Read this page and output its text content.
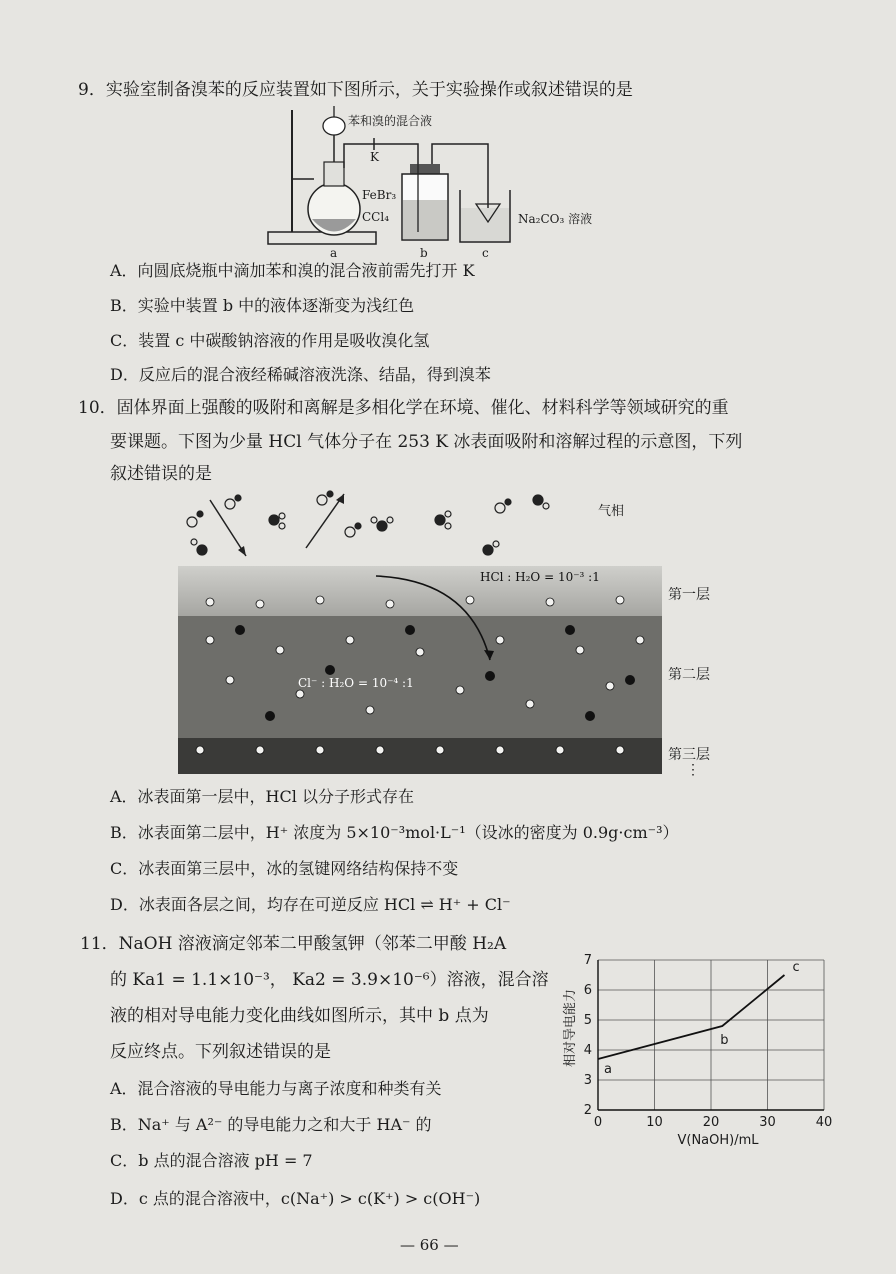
9．实验室制备溴苯的反应装置如下图所示，关于实验操作或叙述错误的是
苯和溴的混合液
K
FeBr₃
CCl₄	Na₂CO₃ 溶液
a	b	c
A．向圆底烧瓶中滴加苯和溴的混合液前需先打开 K
B．实验中装置 b 中的液体逐渐变为浅红色
C．装置 c 中碳酸钠溶液的作用是吸收溴化氢
D．反应后的混合液经稀碱溶液洗涤、结晶，得到溴苯
10．固体界面上强酸的吸附和离解是多相化学在环境、催化、材料科学等领域研究的重
要课题。下图为少量 HCl 气体分子在 253 K 冰表面吸附和溶解过程的示意图，下列
叙述错误的是
气相
HCl : H₂O = 10⁻³ :1
Cl⁻ : H₂O = 10⁻⁴ :1
第一层
第二层
第三层
⋮
A．冰表面第一层中，HCl 以分子形式存在
B．冰表面第二层中，H⁺ 浓度为 5×10⁻³mol·L⁻¹（设冰的密度为 0.9g·cm⁻³）
C．冰表面第三层中，冰的氢键网络结构保持不变
D．冰表面各层之间，均存在可逆反应 HCl ⇌ H⁺ + Cl⁻
11．NaOH 溶液滴定邻苯二甲酸氢钾（邻苯二甲酸 H₂A
的 Ka1 = 1.1×10⁻³， Ka2 = 3.9×10⁻⁶）溶液，混合溶
液的相对导电能力变化曲线如图所示，其中 b 点为
反应终点。下列叙述错误的是
A．混合溶液的导电能力与离子浓度和种类有关
B．Na⁺ 与 A²⁻ 的导电能力之和大于 HA⁻ 的
C．b 点的混合溶液 pH = 7
D．c 点的混合溶液中，c(Na⁺) > c(K⁺) > c(OH⁻)
0	10	20	30	40
2
3
4
5
6
7
a
b
c
相对导电能力
V(NaOH)/mL
— 66 —
